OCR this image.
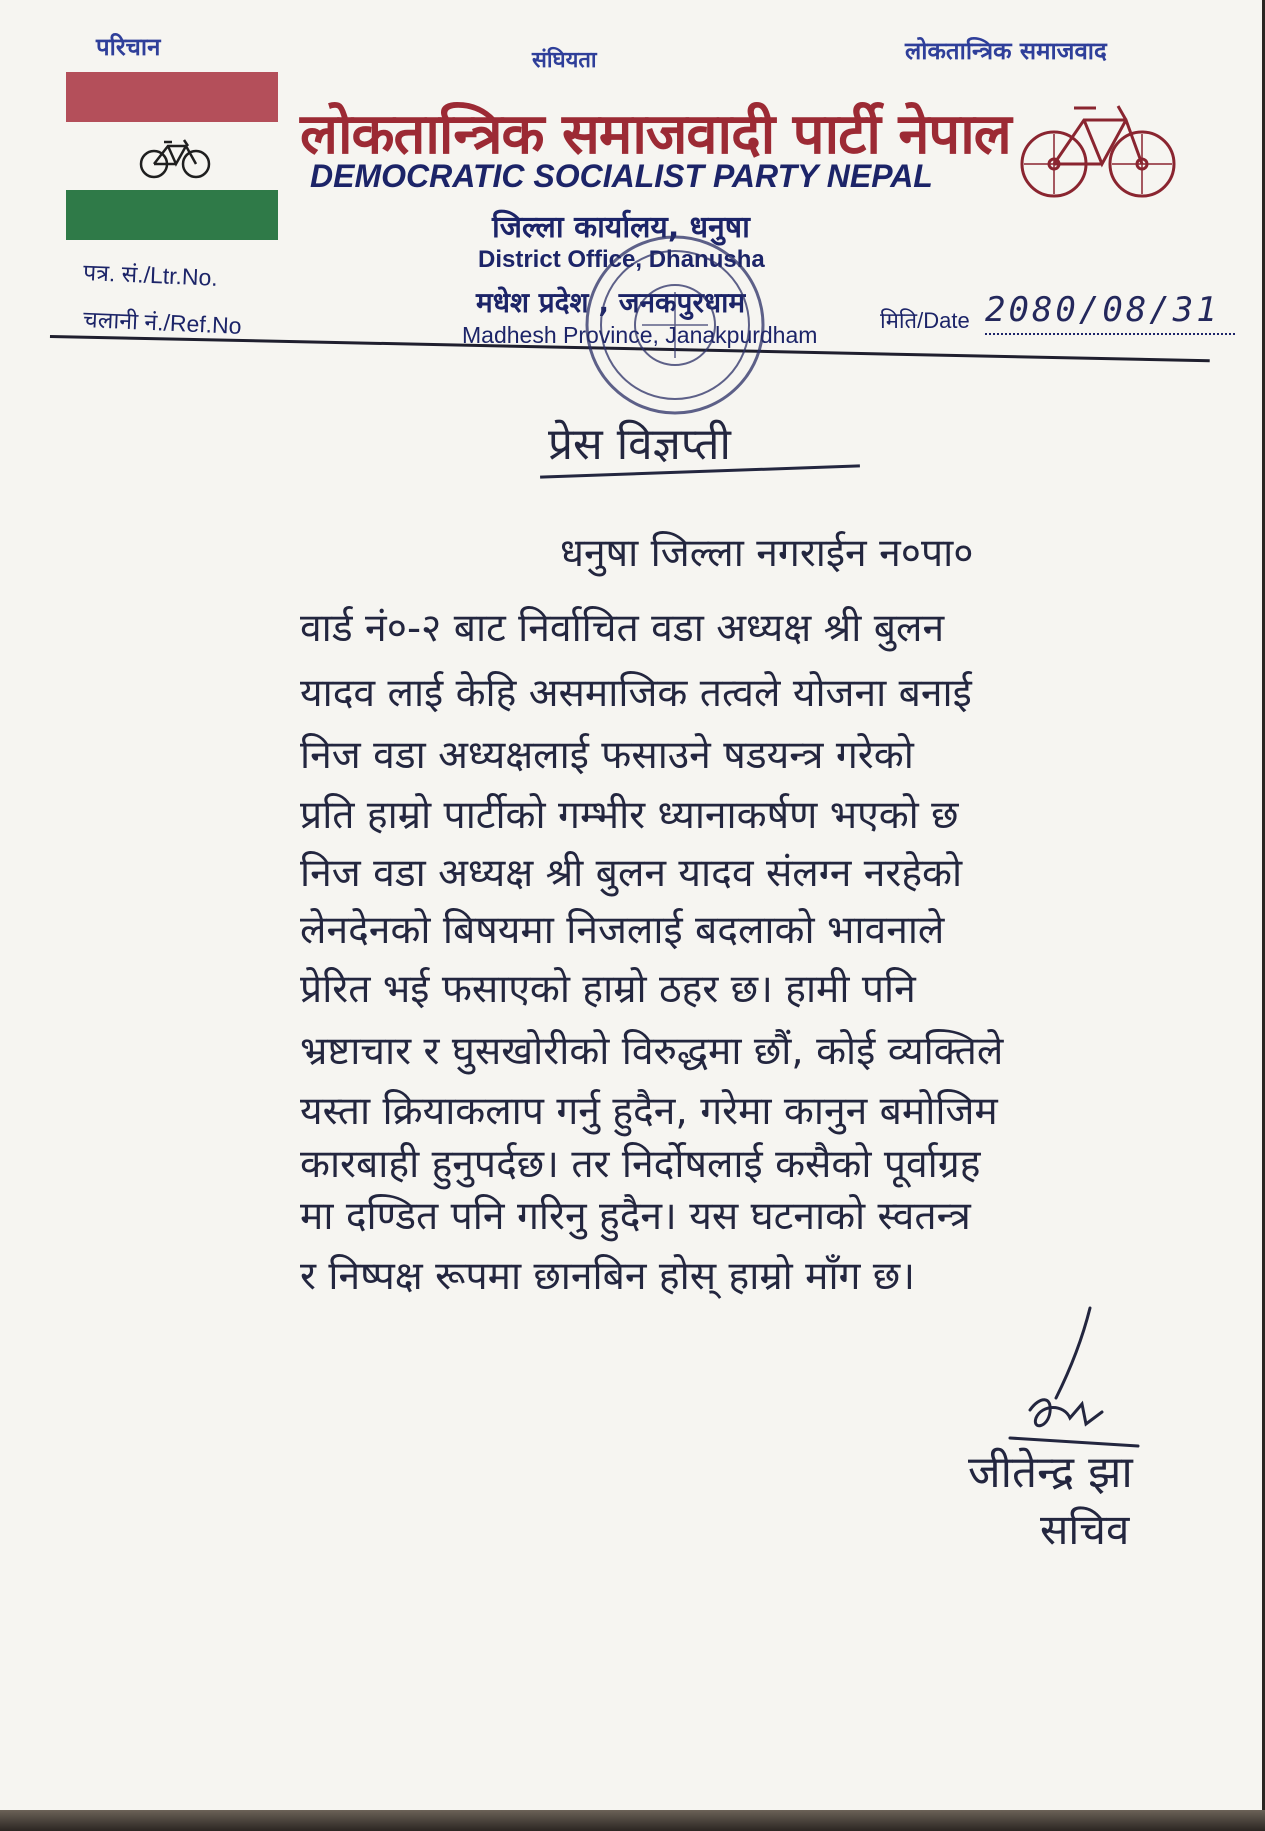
परिचान	संघियता	लोकतान्त्रिक समाजवाद
लोकतान्त्रिक समाजवादी पार्टी नेपाल
DEMOCRATIC SOCIALIST PARTY NEPAL
जिल्ला कार्यालय, धनुषा
District Office, Dhanusha
मधेश प्रदेश , जनकपुरधाम
Madhesh Province, Janakpurdham
पत्र. सं./Ltr.No.
चलानी नं./Ref.No	मिति/Date 2080/08/31
प्रेस विज्ञप्ती
धनुषा जिल्ला नगराईन न०पा०
वार्ड नं०-२ बाट निर्वाचित वडा अध्यक्ष श्री बुलन
यादव लाई केहि असमाजिक तत्वले योजना बनाई
निज वडा अध्यक्षलाई फसाउने षडयन्त्र गरेको
प्रति हाम्रो पार्टीको गम्भीर ध्यानाकर्षण भएको छ
निज वडा अध्यक्ष श्री बुलन यादव संलग्न नरहेको
लेनदेनको बिषयमा निजलाई बदलाको भावनाले
प्रेरित भई फसाएको हाम्रो ठहर छ। हामी पनि
भ्रष्टाचार र घुसखोरीको विरुद्धमा छौं, कोई व्यक्तिले
यस्ता क्रियाकलाप गर्नु हुदैन, गरेमा कानुन बमोजिम
कारबाही हुनुपर्दछ। तर निर्दोषलाई कसैको पूर्वाग्रह
मा दण्डित पनि गरिनु हुदैन। यस घटनाको स्वतन्त्र
र निष्पक्ष रूपमा छानबिन होस् हाम्रो माँग छ।
जीतेन्द्र झा
सचिव
